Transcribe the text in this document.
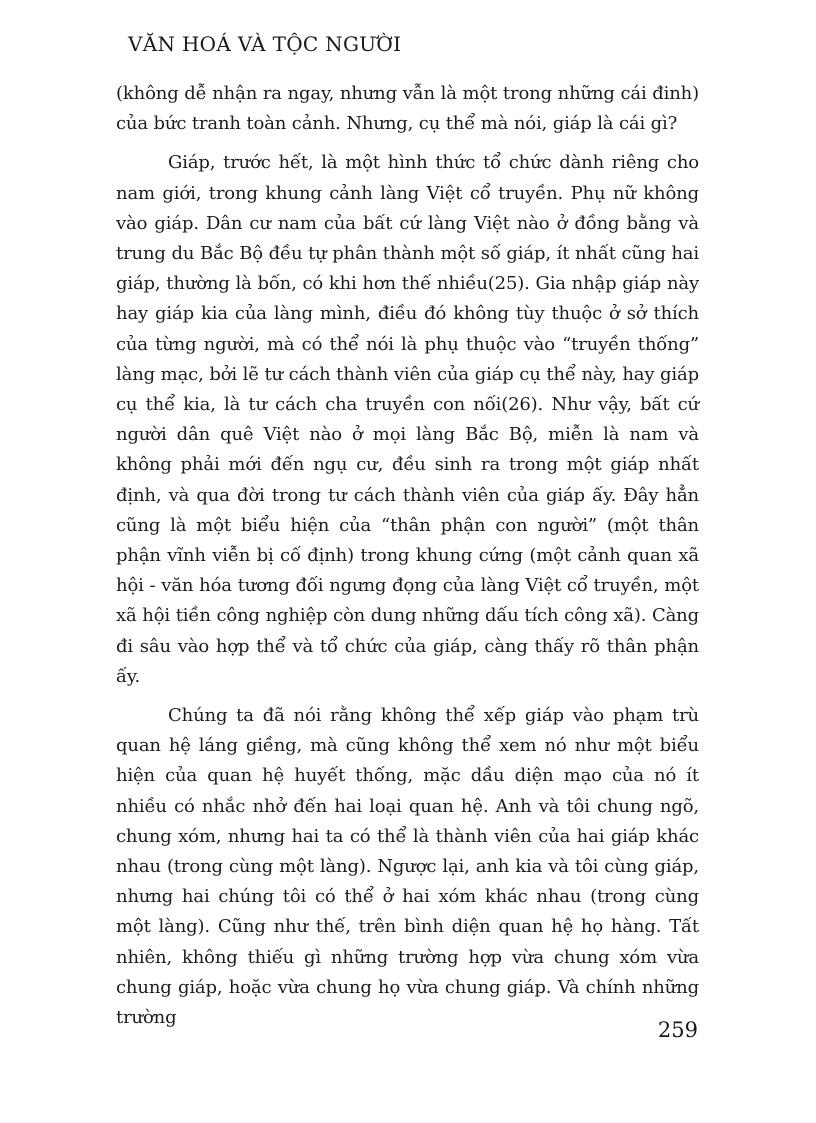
VĂN HOÁ VÀ TỘC NGƯỜI

(không dễ nhận ra ngay, nhưng vẫn là một trong những cái đinh) của bức tranh toàn cảnh. Nhưng, cụ thể mà nói, giáp là cái gì?

Giáp, trước hết, là một hình thức tổ chức dành riêng cho nam giới, trong khung cảnh làng Việt cổ truyền. Phụ nữ không vào giáp. Dân cư nam của bất cứ làng Việt nào ở đồng bằng và trung du Bắc Bộ đều tự phân thành một số giáp, ít nhất cũng hai giáp, thường là bốn, có khi hơn thế nhiều(25). Gia nhập giáp này hay giáp kia của làng mình, điều đó không tùy thuộc ở sở thích của từng người, mà có thể nói là phụ thuộc vào “truyền thống” làng mạc, bởi lẽ tư cách thành viên của giáp cụ thể này, hay giáp cụ thể kia, là tư cách cha truyền con nối(26). Như vậy, bất cứ người dân quê Việt nào ở mọi làng Bắc Bộ, miễn là nam và không phải mới đến ngụ cư, đều sinh ra trong một giáp nhất định, và qua đời trong tư cách thành viên của giáp ấy. Đây hẳn cũng là một biểu hiện của “thân phận con người” (một thân phận vĩnh viễn bị cố định) trong khung cứng (một cảnh quan xã hội - văn hóa tương đối ngưng đọng của làng Việt cổ truyền, một xã hội tiền công nghiệp còn dung những dấu tích công xã). Càng đi sâu vào hợp thể và tổ chức của giáp, càng thấy rõ thân phận ấy.

Chúng ta đã nói rằng không thể xếp giáp vào phạm trù quan hệ láng giềng, mà cũng không thể xem nó như một biểu hiện của quan hệ huyết thống, mặc dầu diện mạo của nó ít nhiều có nhắc nhở đến hai loại quan hệ. Anh và tôi chung ngõ, chung xóm, nhưng hai ta có thể là thành viên của hai giáp khác nhau (trong cùng một làng). Ngược lại, anh kia và tôi cùng giáp, nhưng hai chúng tôi có thể ở hai xóm khác nhau (trong cùng một làng). Cũng như thế, trên bình diện quan hệ họ hàng. Tất nhiên, không thiếu gì những trường hợp vừa chung xóm vừa chung giáp, hoặc vừa chung họ vừa chung giáp. Và chính những trường

259
